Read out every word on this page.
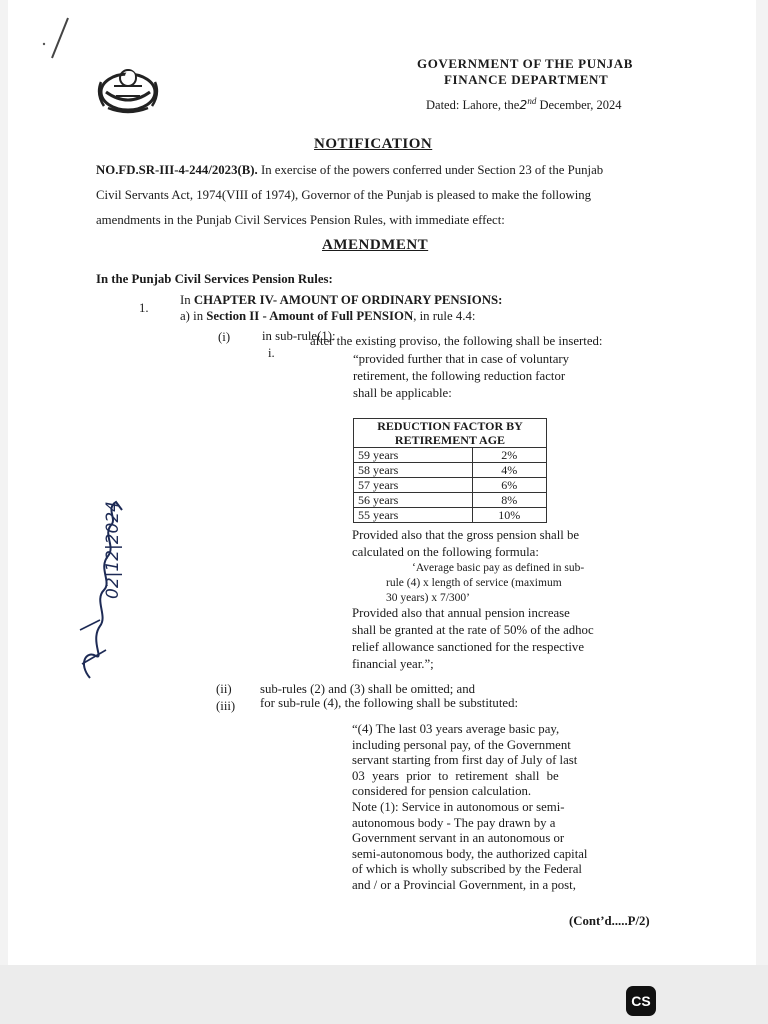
GOVERNMENT OF THE PUNJAB
FINANCE DEPARTMENT
Dated: Lahore, the2nd December, 2024
NOTIFICATION
NO.FD.SR-III-4-244/2023(B). In exercise of the powers conferred under Section 23 of the Punjab
Civil Servants Act, 1974(VIII of 1974), Governor of the Punjab is pleased to make the following
amendments in the Punjab Civil Services Pension Rules, with immediate effect:
AMENDMENT
In the Punjab Civil Services Pension Rules:
1.
In CHAPTER IV- AMOUNT OF ORDINARY PENSIONS:
a) in Section II - Amount of Full PENSION, in rule 4.4:
(i) in sub-rule(1):
i.
after the existing proviso, the following shall be inserted:
“provided further that in case of voluntary
retirement, the following reduction factor
shall be applicable:
REDUCTION FACTOR BY
RETIREMENT AGE	
59 years	2%
58 years	4%
57 years	6%
56 years	8%
55 years	10%
Provided also that the gross pension shall be
calculated on the following formula:
‘Average basic pay as defined in sub-
rule (4) x length of service (maximum
30 years) x 7/300’
Provided also that annual pension increase
shall be granted at the rate of 50% of the adhoc
relief allowance sanctioned for the respective
financial year.”;
(ii) sub-rules (2) and (3) shall be omitted; and
(iii) for sub-rule (4), the following shall be substituted:
“(4) The last 03 years average basic pay,
including personal pay, of the Government
servant starting from first day of July of last
03 years prior to retirement shall be
considered for pension calculation.
Note (1): Service in autonomous or semi-
autonomous body - The pay drawn by a
Government servant in an autonomous or
semi-autonomous body, the authorized capital
of which is wholly subscribed by the Federal
and / or a Provincial Government, in a post,
(Cont’d.....P/2)
02|12|2024
CS
